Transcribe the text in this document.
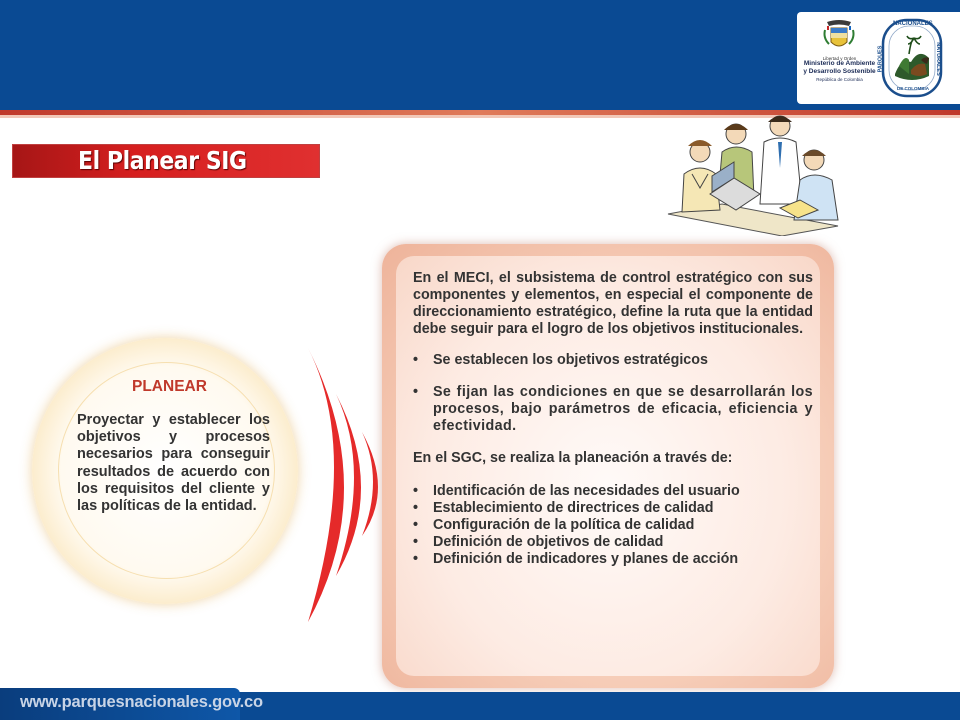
Libertad y Orden
NACIONALES
PARQUES	NATURALES
DE COLOMBIA
Ministerio de Ambiente
y Desarrollo Sostenible
República de Colombia
El Planear SIG
PLANEAR
Proyectar y establecer los objetivos y procesos necesarios para conseguir resultados de acuerdo con los requisitos del cliente y las políticas de la entidad.

En el MECI, el subsistema de control estratégico con sus componentes y elementos, en especial el componente de direccionamiento estratégico, define la ruta que la entidad debe seguir para el logro de los objetivos institucionales.

•	Se establecen los objetivos estratégicos
•	Se fijan las condiciones en que se desarrollarán los procesos, bajo parámetros de eficacia, eficiencia y efectividad.

En el SGC, se realiza la planeación a través de:

•	Identificación de las necesidades del usuario
•	Establecimiento de directrices de calidad
•	Configuración de la política de calidad
•	Definición de objetivos de calidad
•	Definición de indicadores y planes de acción
www.parquesnacionales.gov.co
